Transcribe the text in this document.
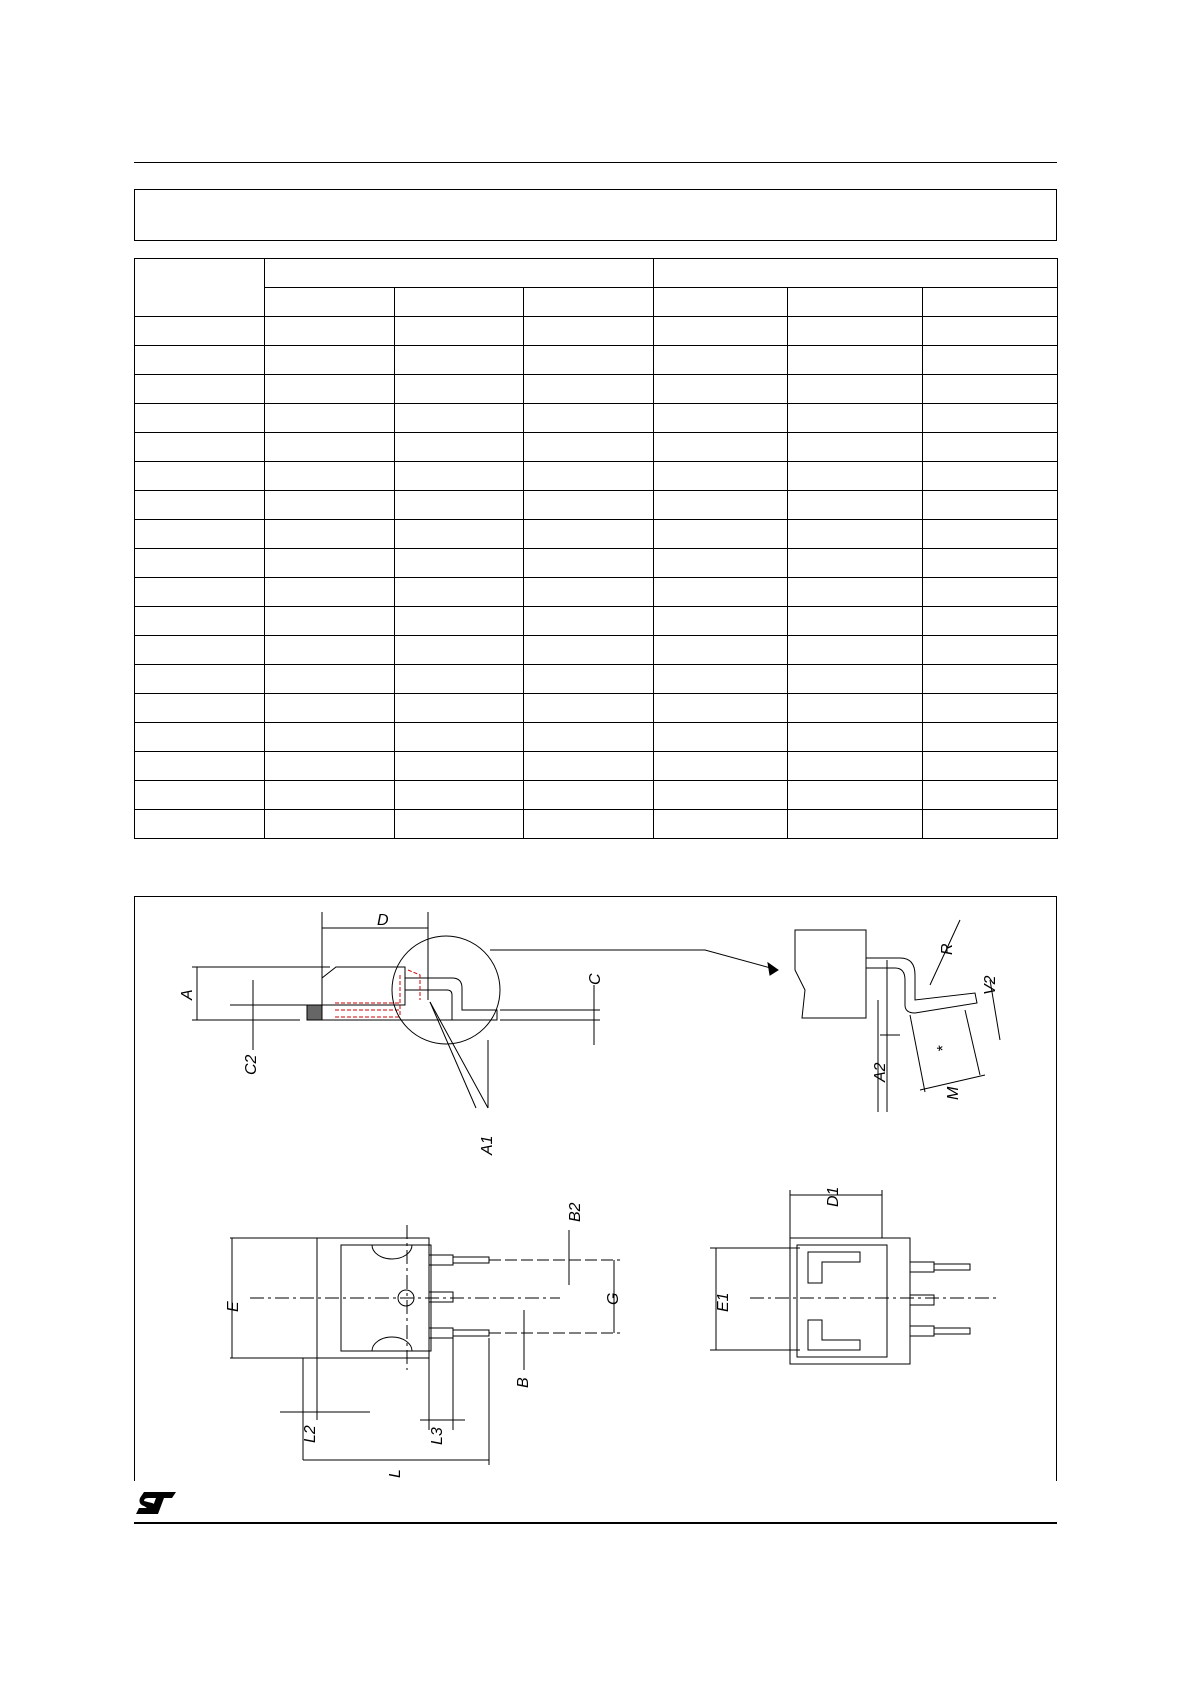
D
A
C2
C
A1
R
V2
A2
M
*
B2
E
G
B
L2	L3
L
D1
E1
